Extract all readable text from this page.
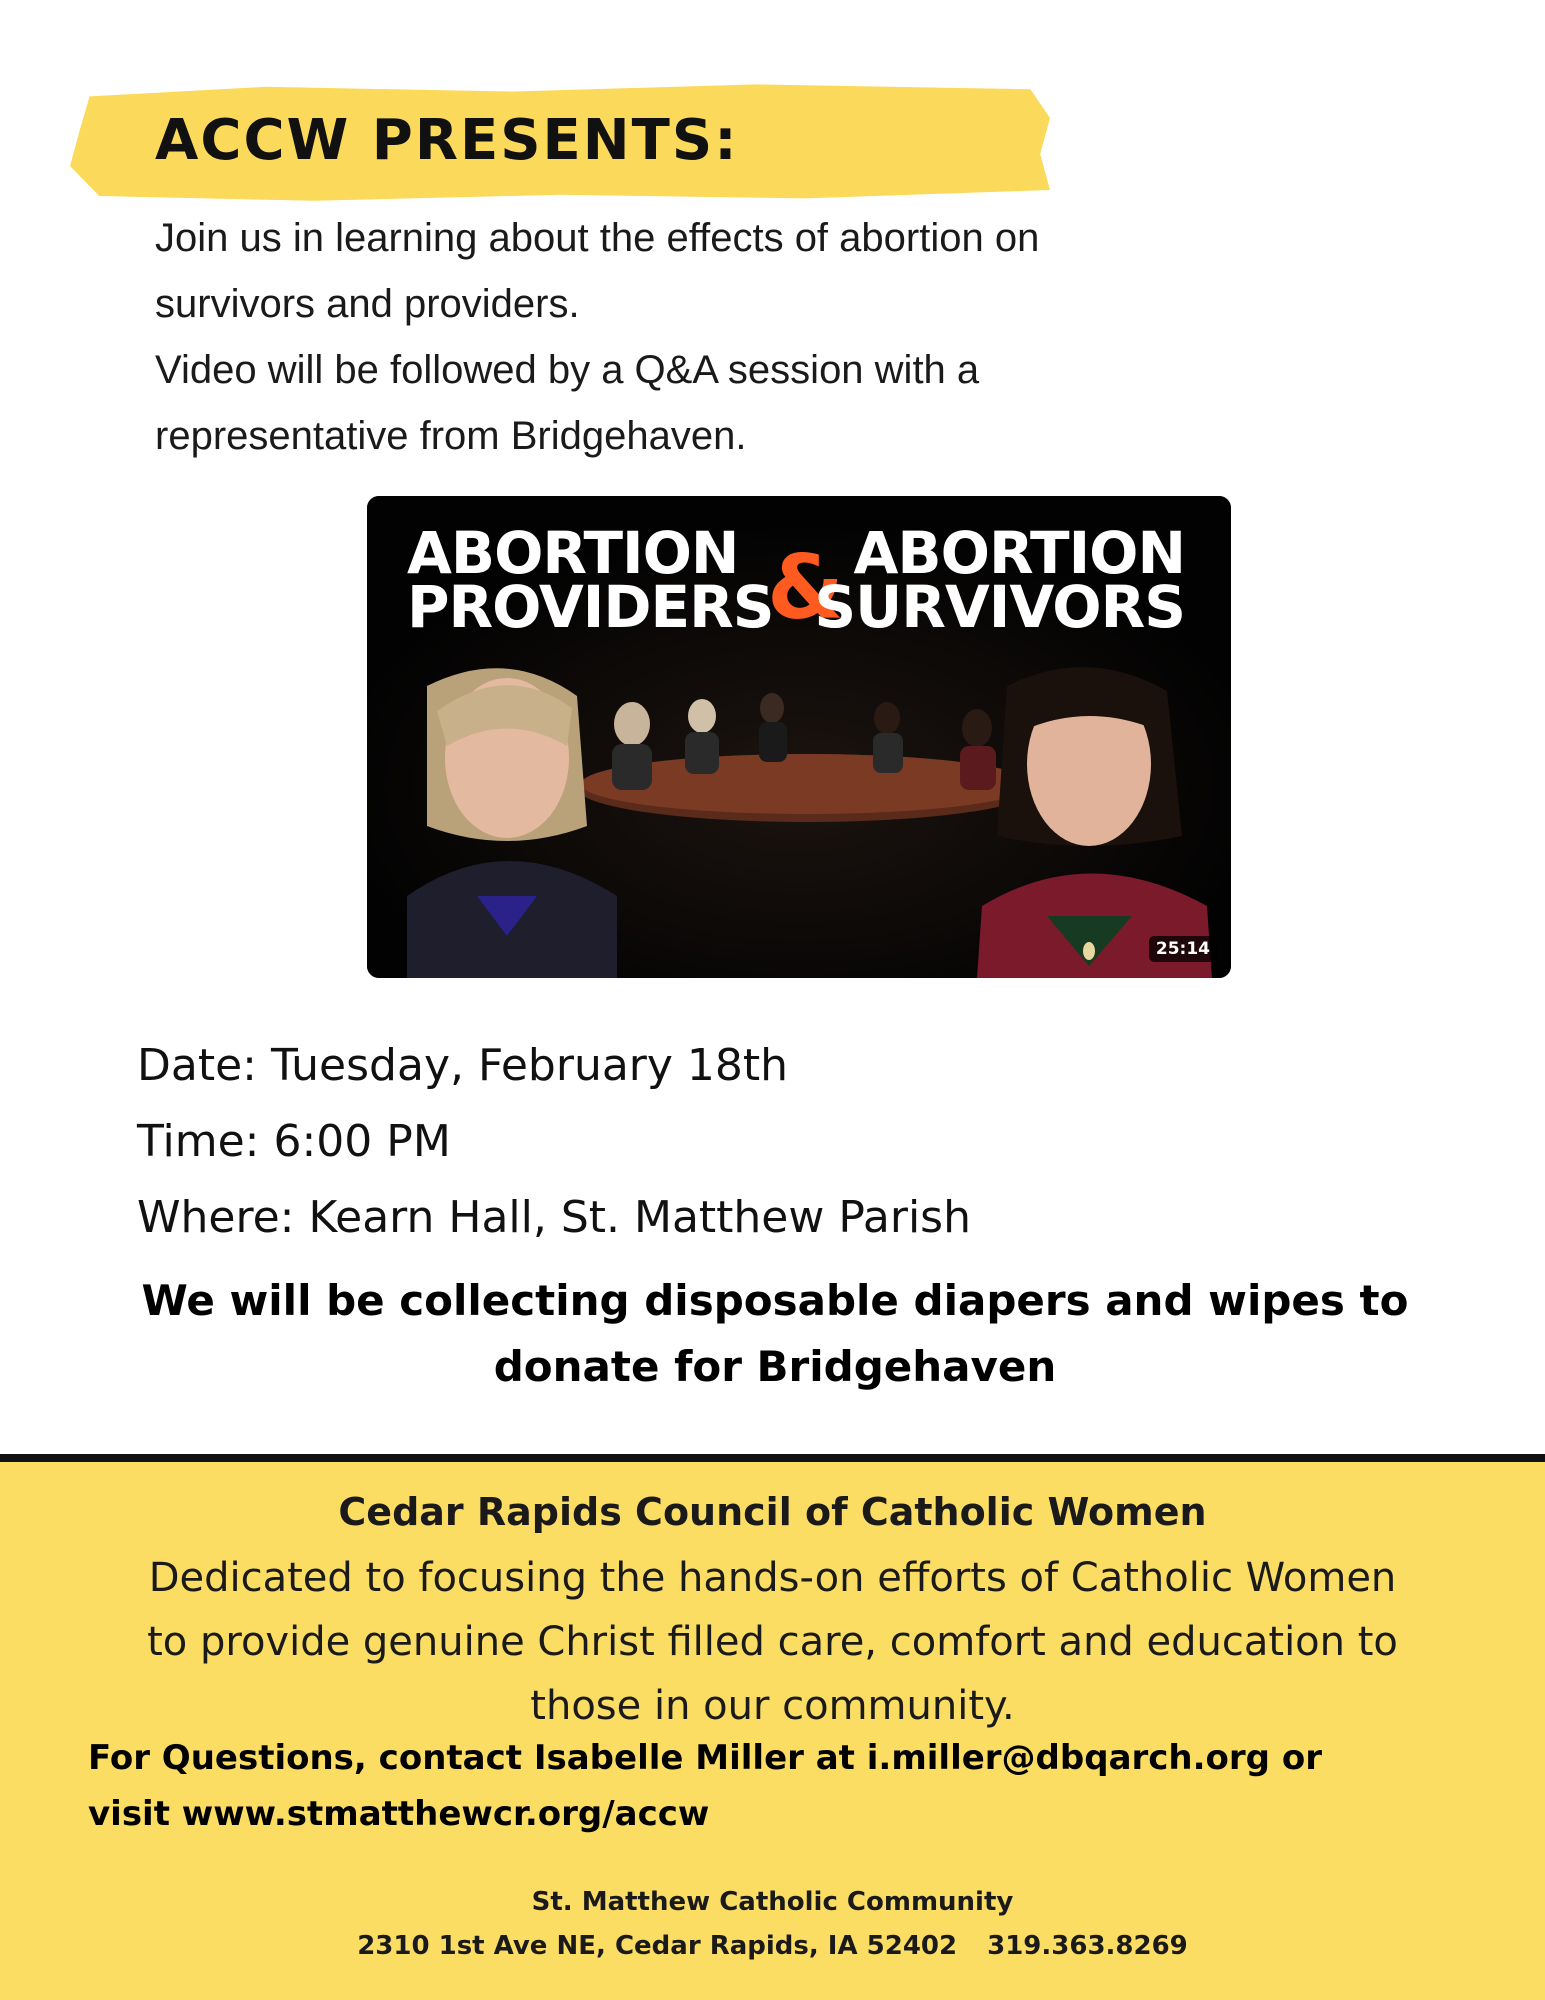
ACCW PRESENTS:

Join us in learning about the effects of abortion on

survivors and providers.

Video will be followed by a Q&A session with a

representative from Bridgehaven.

ABORTION
PROVIDERS
& ABORTION
SURVIVORS
25:14
Date: Tuesday, February 18th
Time: 6:00 PM
Where: Kearn Hall, St. Matthew Parish
We will be collecting disposable diapers and wipes to
donate for Bridgehaven
Cedar Rapids Council of Catholic Women
Dedicated to focusing the hands-on efforts of Catholic Women
to provide genuine Christ filled care, comfort and education to
those in our community.
For Questions, contact Isabelle Miller at i.miller@dbqarch.org or
visit www.stmatthewcr.org/accw
St. Matthew Catholic Community
2310 1st Ave NE, Cedar Rapids, IA 52402 319.363.8269
